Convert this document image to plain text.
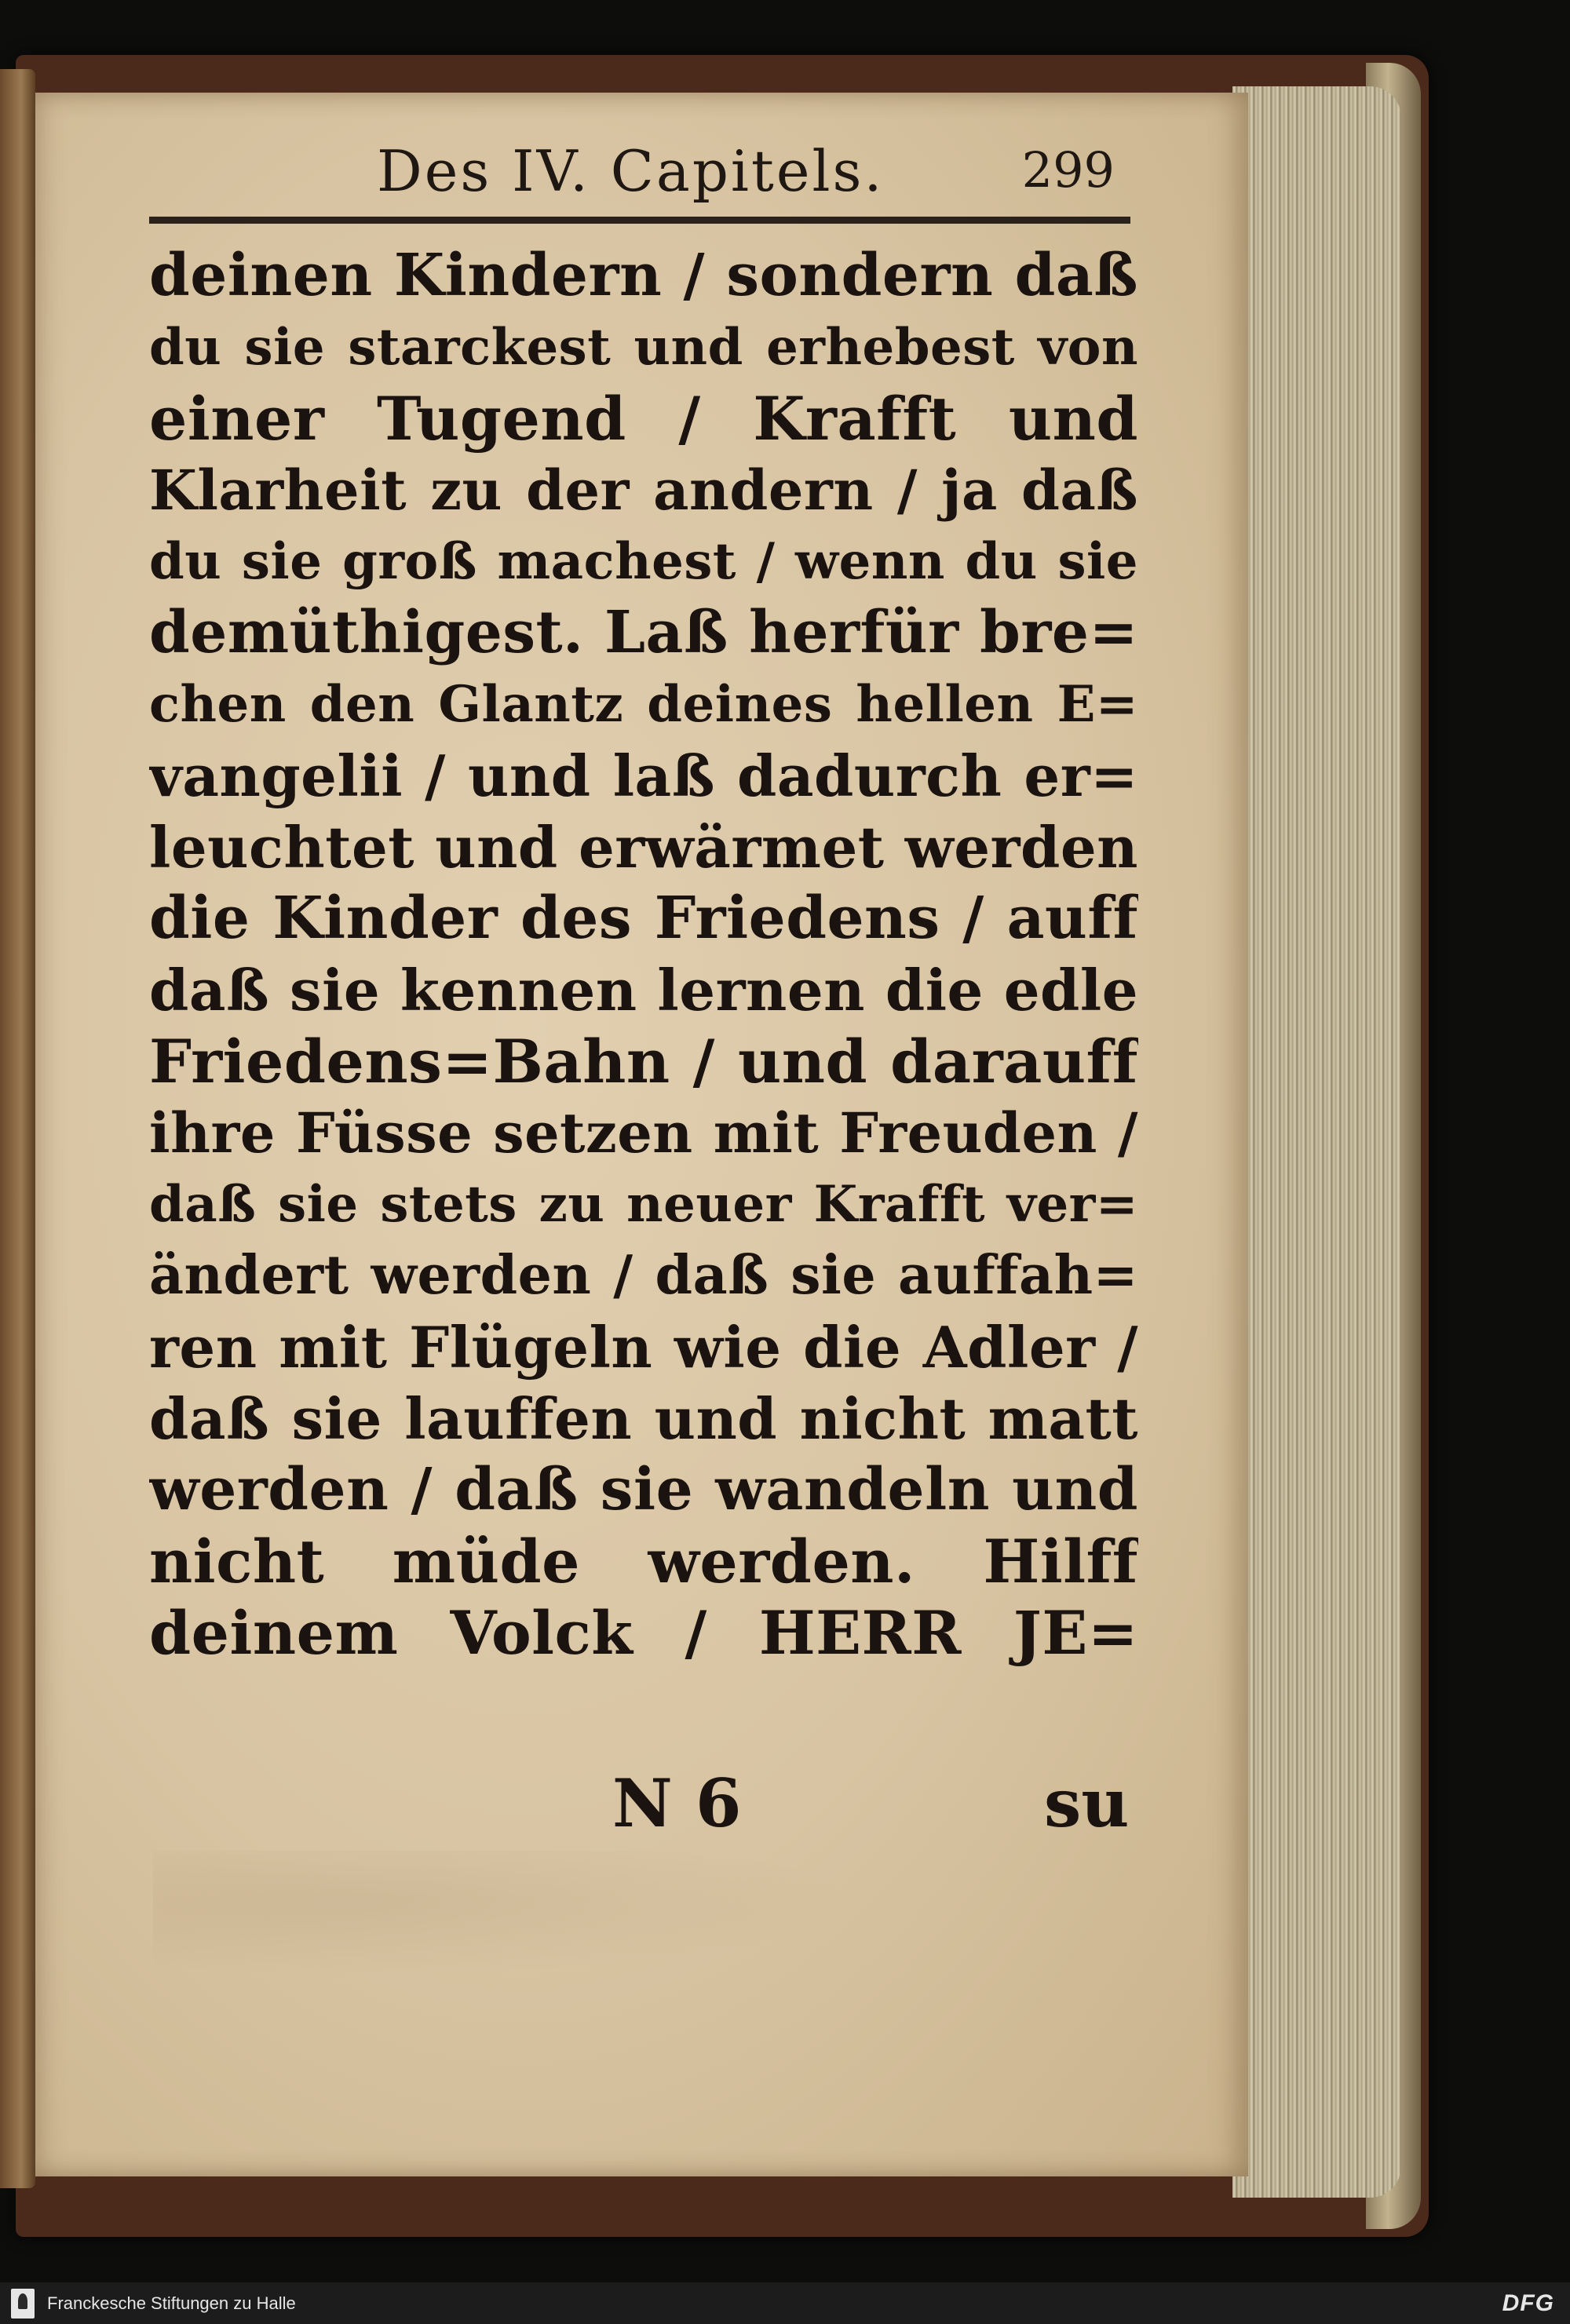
Des IV. Capitels.	299
deinen Kindern / sondern daß
du sie starckest und erhebest von
einer Tugend / Krafft und
Klarheit zu der andern / ja daß
du sie groß machest / wenn du sie
demüthigest. Laß herfür bre=
chen den Glantz deines hellen E=
vangelii / und laß dadurch er=
leuchtet und erwärmet werden
die Kinder des Friedens / auff
daß sie kennen lernen die edle
Friedens=Bahn / und darauff
ihre Füsse setzen mit Freuden /
daß sie stets zu neuer Krafft ver=
ändert werden / daß sie auffah=
ren mit Flügeln wie die Adler /
daß sie lauffen und nicht matt
werden / daß sie wandeln und
nicht müde werden. Hilff
deinem Volck / HERR JE=
N 6	su
Franckesche Stiftungen zu Halle	DFG
